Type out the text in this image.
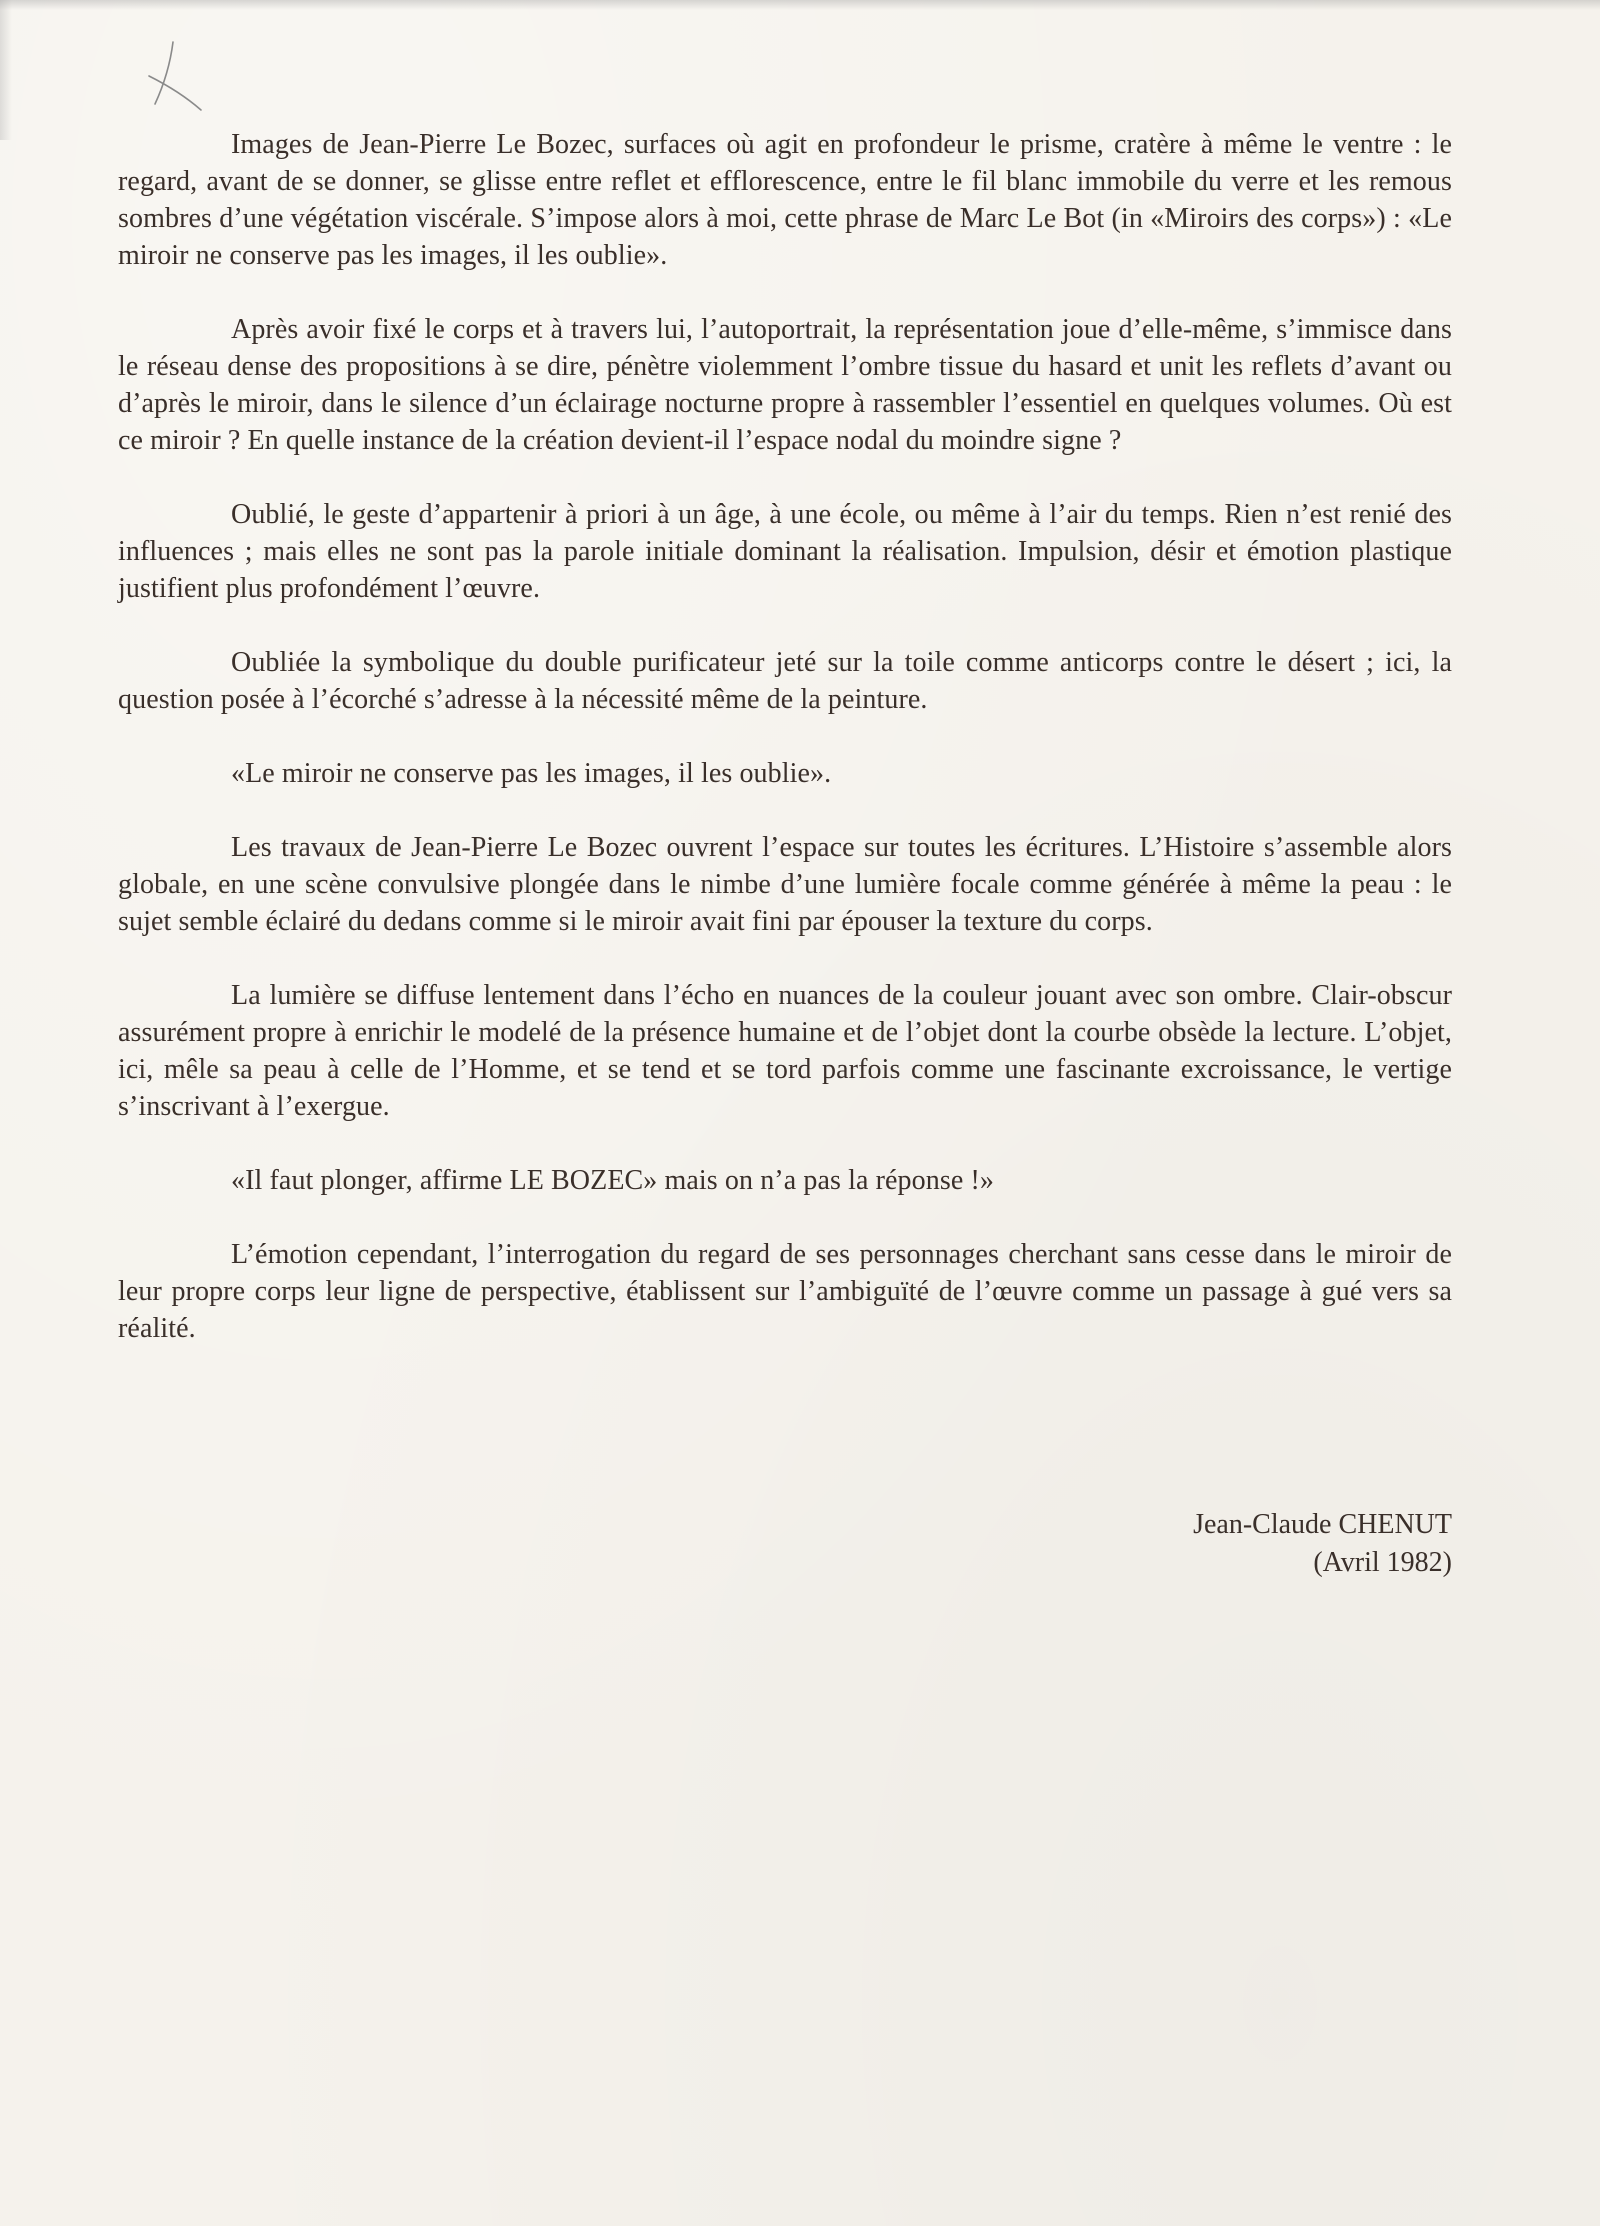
Images de Jean-Pierre Le Bozec, surfaces où agit en profondeur le prisme, cratère à même le ventre : le regard, avant de se donner, se glisse entre reflet et efflorescence, entre le fil blanc immobile du verre et les remous sombres d’une végétation viscérale. S’impose alors à moi, cette phrase de Marc Le Bot (in «Miroirs des corps») : «Le miroir ne conserve pas les images, il les oublie».

Après avoir fixé le corps et à travers lui, l’autoportrait, la représentation joue d’elle-même, s’immisce dans le réseau dense des propositions à se dire, pénètre violemment l’ombre tissue du hasard et unit les reflets d’avant ou d’après le miroir, dans le silence d’un éclairage nocturne propre à rassembler l’essentiel en quelques volumes. Où est ce miroir ? En quelle instance de la création devient-il l’espace nodal du moindre signe ?

Oublié, le geste d’appartenir à priori à un âge, à une école, ou même à l’air du temps. Rien n’est renié des influences ; mais elles ne sont pas la parole initiale dominant la réalisation. Impulsion, désir et émotion plastique justifient plus profondément l’œuvre.

Oubliée la symbolique du double purificateur jeté sur la toile comme anticorps contre le désert ; ici, la question posée à l’écorché s’adresse à la nécessité même de la peinture.

«Le miroir ne conserve pas les images, il les oublie».

Les travaux de Jean-Pierre Le Bozec ouvrent l’espace sur toutes les écritures. L’Histoire s’assemble alors globale, en une scène convulsive plongée dans le nimbe d’une lumière focale comme générée à même la peau : le sujet semble éclairé du dedans comme si le miroir avait fini par épouser la texture du corps.

La lumière se diffuse lentement dans l’écho en nuances de la couleur jouant avec son ombre. Clair-obscur assurément propre à enrichir le modelé de la présence humaine et de l’objet dont la courbe obsède la lecture. L’objet, ici, mêle sa peau à celle de l’Homme, et se tend et se tord parfois comme une fascinante excroissance, le vertige s’inscrivant à l’exergue.

«Il faut plonger, affirme LE BOZEC» mais on n’a pas la réponse !»

L’émotion cependant, l’interrogation du regard de ses personnages cherchant sans cesse dans le miroir de leur propre corps leur ligne de perspective, établissent sur l’ambiguïté de l’œuvre comme un passage à gué vers sa réalité.

Jean-Claude CHENUT
(Avril 1982)
